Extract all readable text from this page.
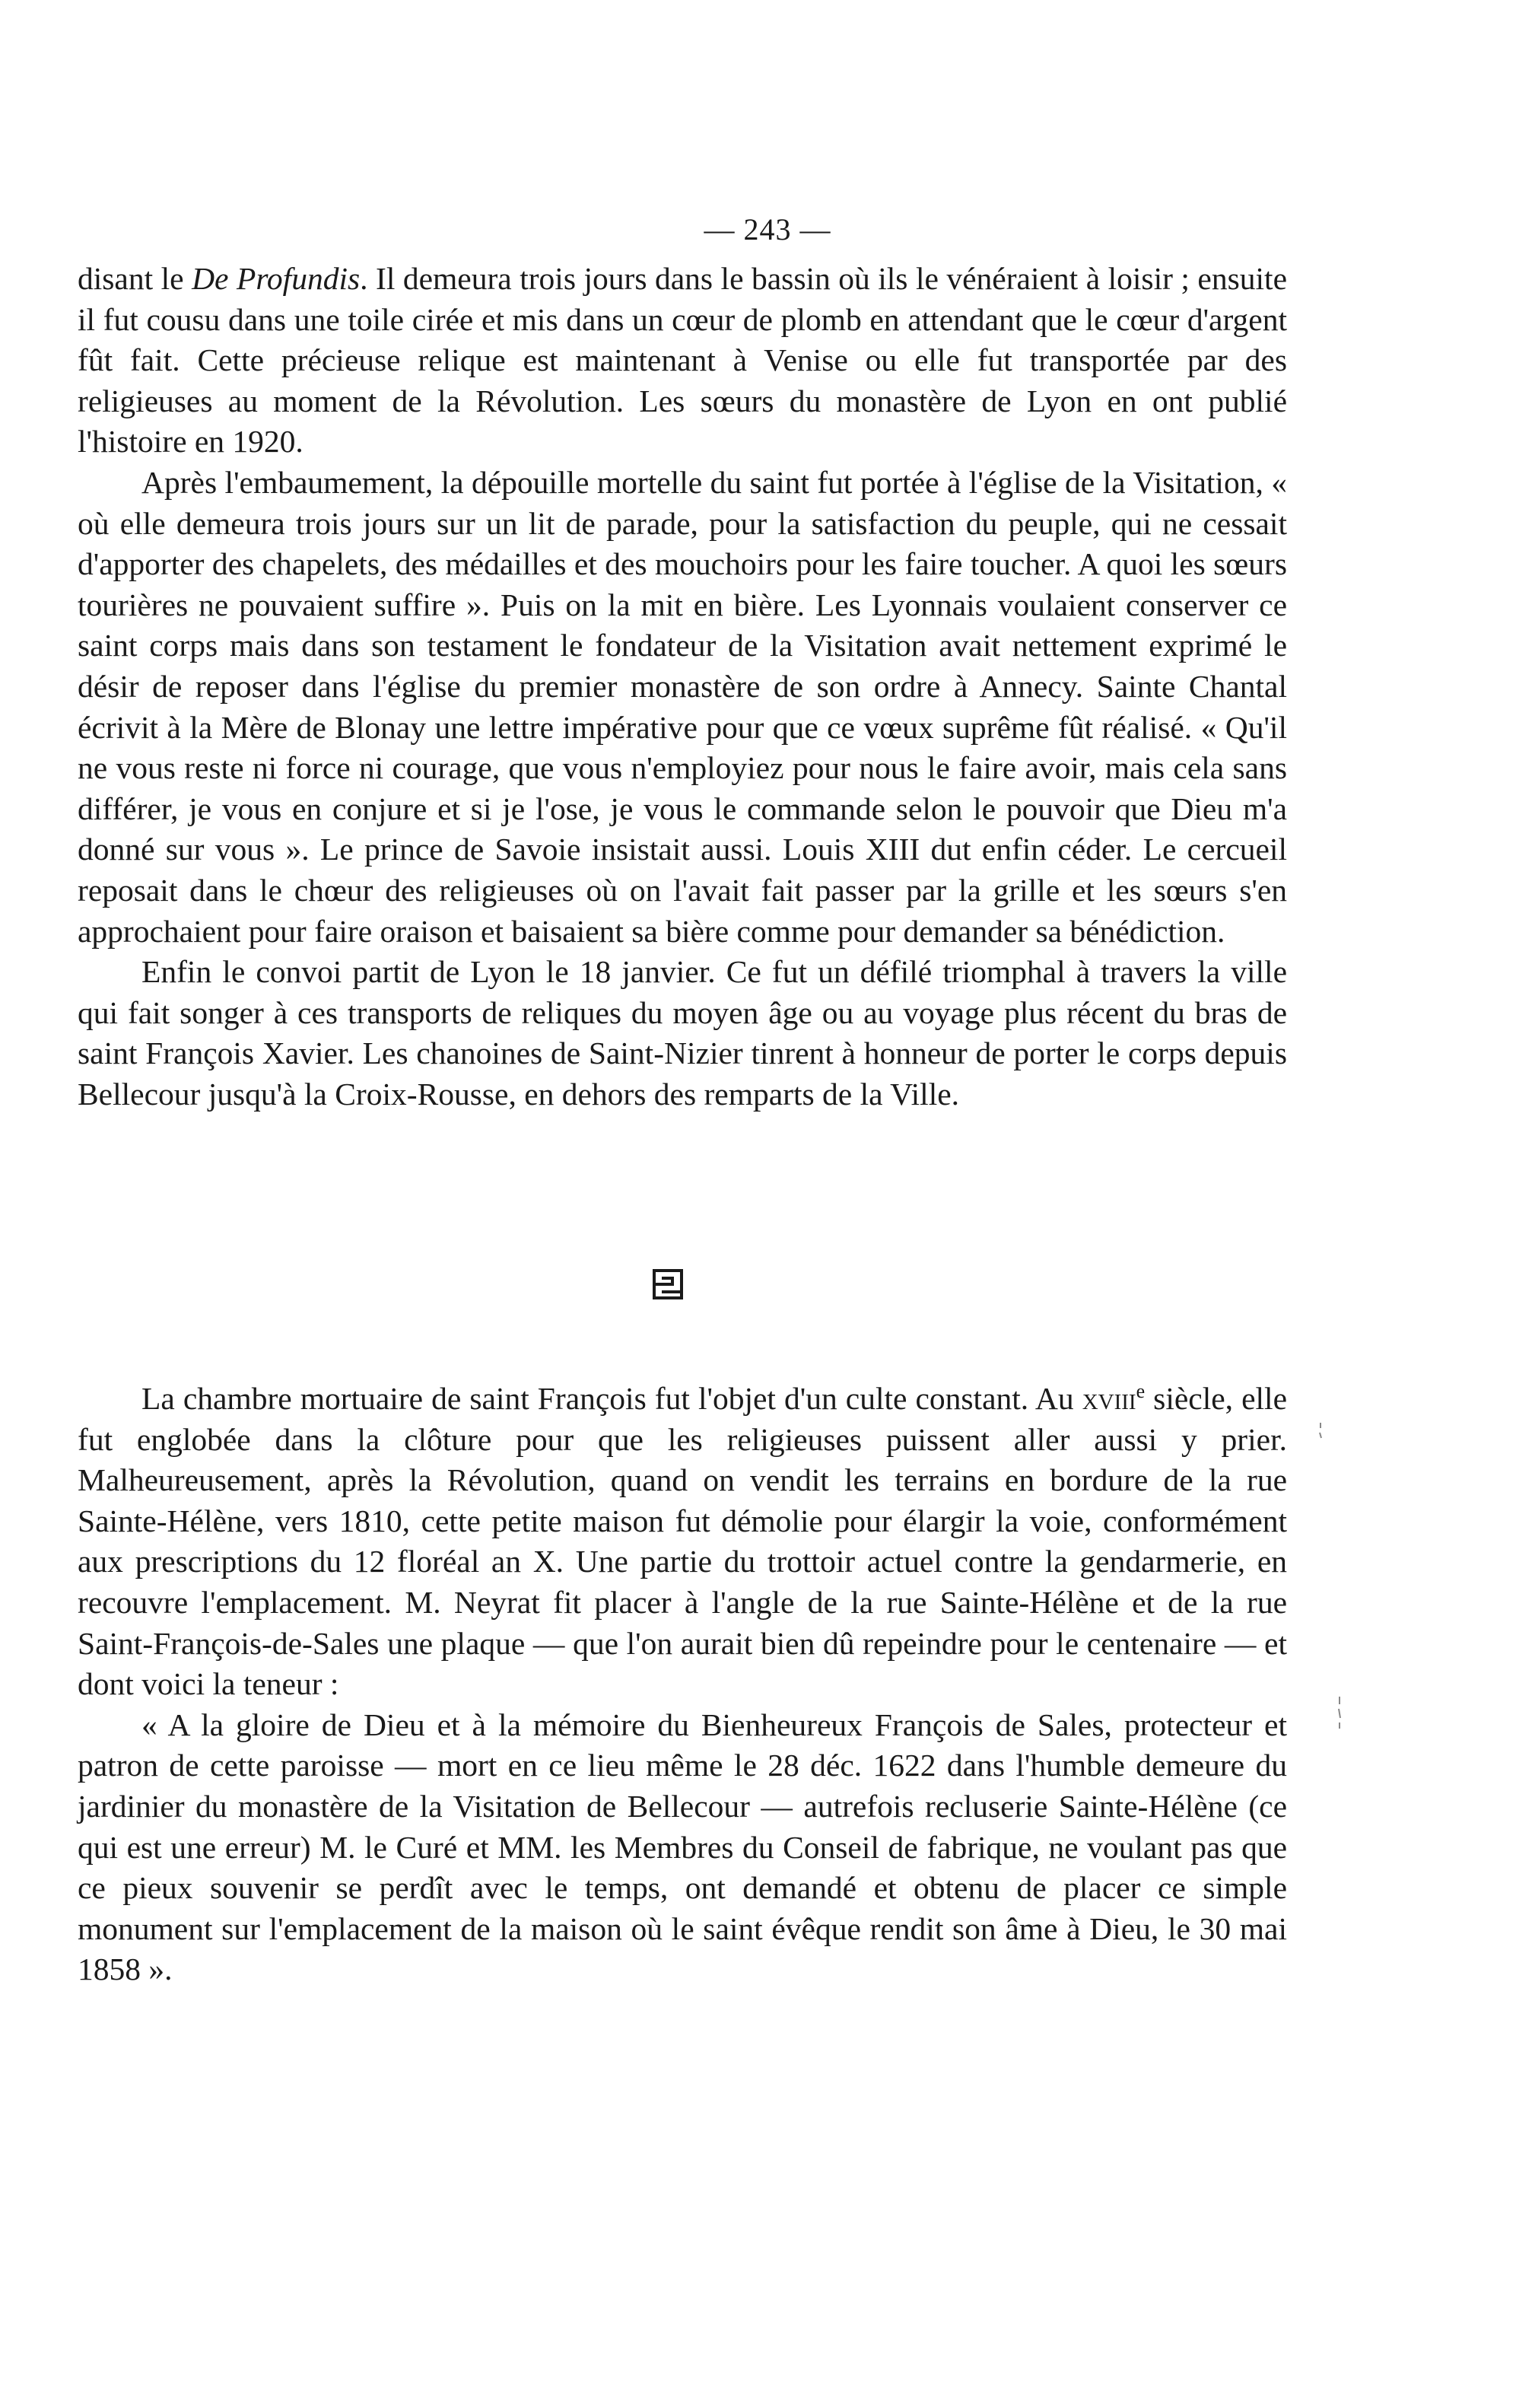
— 243 —

disant le De Profundis. Il demeura trois jours dans le bassin où ils le vénéraient à loisir ; ensuite il fut cousu dans une toile cirée et mis dans un cœur de plomb en attendant que le cœur d'argent fût fait. Cette précieuse relique est maintenant à Venise ou elle fut transportée par des religieuses au moment de la Révolution. Les sœurs du monastère de Lyon en ont publié l'histoire en 1920.

Après l'embaumement, la dépouille mortelle du saint fut portée à l'église de la Visitation, « où elle demeura trois jours sur un lit de parade, pour la satisfaction du peuple, qui ne cessait d'apporter des chapelets, des médailles et des mouchoirs pour les faire toucher. A quoi les sœurs tourières ne pouvaient suffire ». Puis on la mit en bière. Les Lyonnais voulaient conserver ce saint corps mais dans son testament le fondateur de la Visitation avait nettement exprimé le désir de reposer dans l'église du premier monastère de son ordre à Annecy. Sainte Chantal écrivit à la Mère de Blonay une lettre impérative pour que ce vœux suprême fût réalisé. « Qu'il ne vous reste ni force ni courage, que vous n'employiez pour nous le faire avoir, mais cela sans différer, je vous en conjure et si je l'ose, je vous le commande selon le pouvoir que Dieu m'a donné sur vous ». Le prince de Savoie insistait aussi. Louis XIII dut enfin céder. Le cercueil reposait dans le chœur des religieuses où on l'avait fait passer par la grille et les sœurs s'en approchaient pour faire oraison et baisaient sa bière comme pour demander sa bénédiction.

Enfin le convoi partit de Lyon le 18 janvier. Ce fut un défilé triomphal à travers la ville qui fait songer à ces transports de reliques du moyen âge ou au voyage plus récent du bras de saint François Xavier. Les chanoines de Saint-Nizier tinrent à honneur de porter le corps depuis Bellecour jusqu'à la Croix-Rousse, en dehors des remparts de la Ville.

La chambre mortuaire de saint François fut l'objet d'un culte constant. Au xviii$^e$ siècle, elle fut englobée dans la clôture pour que les religieuses puissent aller aussi y prier. Malheureusement, après la Révolution, quand on vendit les terrains en bordure de la rue Sainte-Hélène, vers 1810, cette petite maison fut démolie pour élargir la voie, conformément aux prescriptions du 12 floréal an X. Une partie du trottoir actuel contre la gendarmerie, en recouvre l'emplacement. M. Neyrat fit placer à l'angle de la rue Sainte-Hélène et de la rue Saint-François-de-Sales une plaque — que l'on aurait bien dû repeindre pour le centenaire — et dont voici la teneur :

« A la gloire de Dieu et à la mémoire du Bienheureux François de Sales, protecteur et patron de cette paroisse — mort en ce lieu même le 28 déc. 1622 dans l'humble demeure du jardinier du monastère de la Visitation de Bellecour — autrefois recluserie Sainte-Hélène (ce qui est une erreur) M. le Curé et MM. les Membres du Conseil de fabrique, ne voulant pas que ce pieux souvenir se perdît avec le temps, ont demandé et obtenu de placer ce simple monument sur l'emplacement de la maison où le saint évêque rendit son âme à Dieu, le 30 mai 1858 ».
